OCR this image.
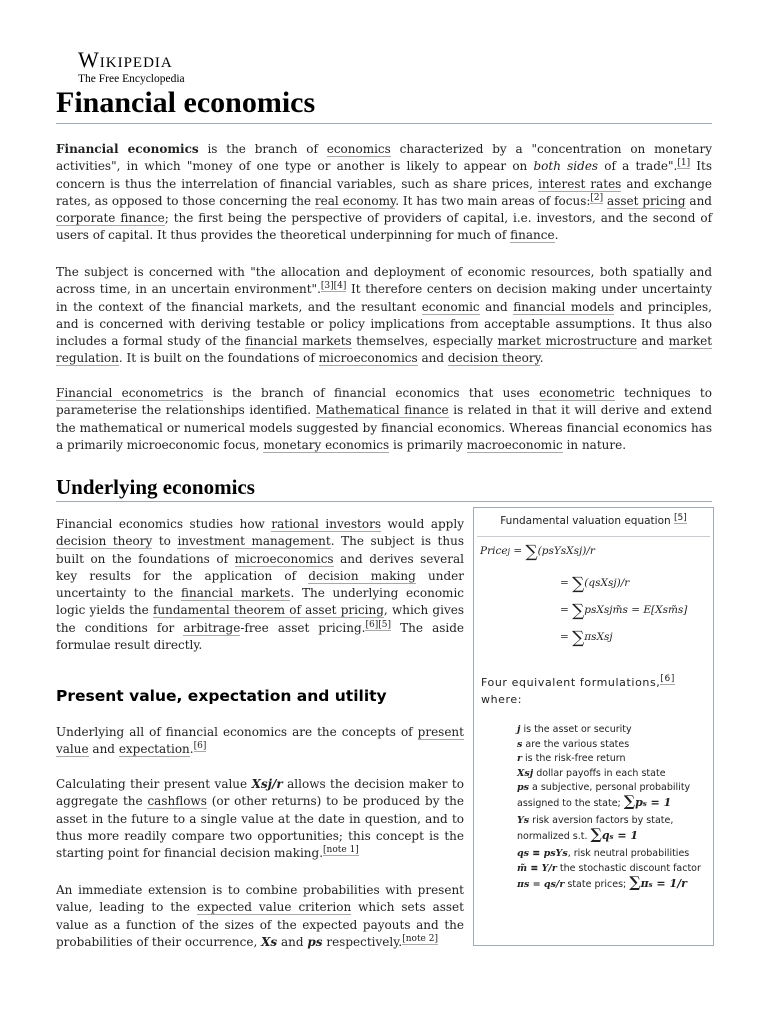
Wikipedia
The Free Encyclopedia
Financial economics

Financial economics is the branch of economics characterized by a "concentration on monetary activities", in which "money of one type or another is likely to appear on both sides of a trade".[1] Its concern is thus the interrelation of financial variables, such as share prices, interest rates and exchange rates, as opposed to those concerning the real economy. It has two main areas of focus:[2] asset pricing and corporate finance; the first being the perspective of providers of capital, i.e. investors, and the second of users of capital. It thus provides the theoretical underpinning for much of finance.

The subject is concerned with "the allocation and deployment of economic resources, both spatially and across time, in an uncertain environment".[3][4] It therefore centers on decision making under uncertainty in the context of the financial markets, and the resultant economic and financial models and principles, and is concerned with deriving testable or policy implications from acceptable assumptions. It thus also includes a formal study of the financial markets themselves, especially market microstructure and market regulation. It is built on the foundations of microeconomics and decision theory.

Financial econometrics is the branch of financial economics that uses econometric techniques to parameterise the relationships identified. Mathematical finance is related in that it will derive and extend the mathematical or numerical models suggested by financial economics. Whereas financial economics has a primarily microeconomic focus, monetary economics is primarily macroeconomic in nature.

Underlying economics

Financial economics studies how rational investors would apply decision theory to investment management. The subject is thus built on the foundations of microeconomics and derives several key results for the application of decision making under uncertainty to the financial markets. The underlying economic logic yields the fundamental theorem of asset pricing, which gives the conditions for arbitrage-free asset pricing.[6][5] The aside formulae result directly.

Present value, expectation and utility

Underlying all of financial economics are the concepts of present value and expectation.[6]

Calculating their present value Xsj/r allows the decision maker to aggregate the cashflows (or other returns) to be produced by the asset in the future to a single value at the date in question, and to thus more readily compare two opportunities; this concept is the starting point for financial decision making.[note 1]

An immediate extension is to combine probabilities with present value, leading to the expected value criterion which sets asset value as a function of the sizes of the expected payouts and the probabilities of their occurrence, Xs and ps respectively.[note 2]

Fundamental valuation equation [5]
Pricej = ∑(psYsXsj)/r
= ∑(qsXsj)/r
= ∑psXsjm̃s = E[Xsm̃s]
= ∑πsXsj
Four equivalent formulations,[6]
where:
j is the asset or security
s are the various states
r is the risk-free return
Xsj dollar payoffs in each state
ps a subjective, personal probability assigned to the state; ∑ps = 1
Ys risk aversion factors by state, normalized s.t. ∑qs = 1
qs ≡ psYs, risk neutral probabilities
m̃ ≡ Y/r the stochastic discount factor
πs = qs/r state prices; ∑πs = 1/r
